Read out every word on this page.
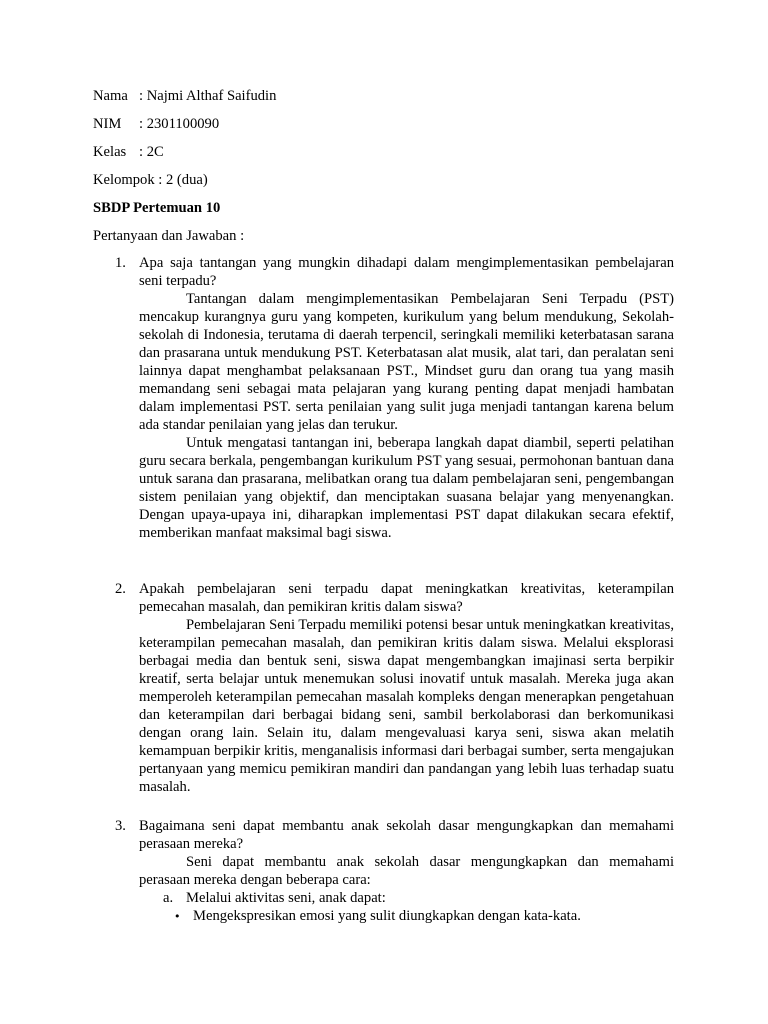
Nama : Najmi Althaf Saifudin
NIM : 2301100090
Kelas : 2C
Kelompok : 2 (dua)
SBDP Pertemuan 10
Pertanyaan dan Jawaban :
1. Apa saja tantangan yang mungkin dihadapi dalam mengimplementasikan pembelajaran seni terpadu?

Tantangan dalam mengimplementasikan Pembelajaran Seni Terpadu (PST) mencakup kurangnya guru yang kompeten, kurikulum yang belum mendukung, Sekolah-sekolah di Indonesia, terutama di daerah terpencil, seringkali memiliki keterbatasan sarana dan prasarana untuk mendukung PST. Keterbatasan alat musik, alat tari, dan peralatan seni lainnya dapat menghambat pelaksanaan PST., Mindset guru dan orang tua yang masih memandang seni sebagai mata pelajaran yang kurang penting dapat menjadi hambatan dalam implementasi PST. serta penilaian yang sulit juga menjadi tantangan karena belum ada standar penilaian yang jelas dan terukur.

Untuk mengatasi tantangan ini, beberapa langkah dapat diambil, seperti pelatihan guru secara berkala, pengembangan kurikulum PST yang sesuai, permohonan bantuan dana untuk sarana dan prasarana, melibatkan orang tua dalam pembelajaran seni, pengembangan sistem penilaian yang objektif, dan menciptakan suasana belajar yang menyenangkan. Dengan upaya-upaya ini, diharapkan implementasi PST dapat dilakukan secara efektif, memberikan manfaat maksimal bagi siswa.

2. Apakah pembelajaran seni terpadu dapat meningkatkan kreativitas, keterampilan pemecahan masalah, dan pemikiran kritis dalam siswa?

Pembelajaran Seni Terpadu memiliki potensi besar untuk meningkatkan kreativitas, keterampilan pemecahan masalah, dan pemikiran kritis dalam siswa. Melalui eksplorasi berbagai media dan bentuk seni, siswa dapat mengembangkan imajinasi serta berpikir kreatif, serta belajar untuk menemukan solusi inovatif untuk masalah. Mereka juga akan memperoleh keterampilan pemecahan masalah kompleks dengan menerapkan pengetahuan dan keterampilan dari berbagai bidang seni, sambil berkolaborasi dan berkomunikasi dengan orang lain. Selain itu, dalam mengevaluasi karya seni, siswa akan melatih kemampuan berpikir kritis, menganalisis informasi dari berbagai sumber, serta mengajukan pertanyaan yang memicu pemikiran mandiri dan pandangan yang lebih luas terhadap suatu masalah.

3. Bagaimana seni dapat membantu anak sekolah dasar mengungkapkan dan memahami perasaan mereka?

Seni dapat membantu anak sekolah dasar mengungkapkan dan memahami perasaan mereka dengan beberapa cara:

a. Melalui aktivitas seni, anak dapat:
• Mengekspresikan emosi yang sulit diungkapkan dengan kata-kata.
